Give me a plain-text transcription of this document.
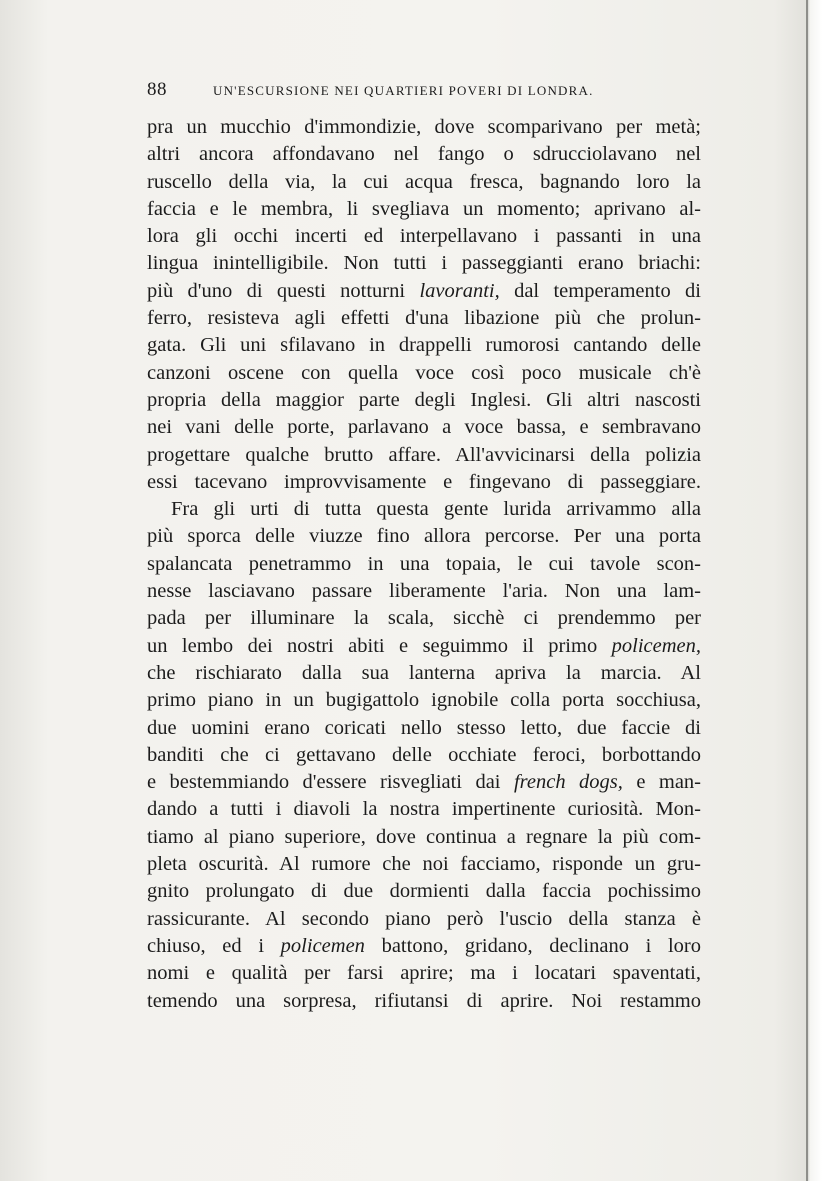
88	UN'ESCURSIONE NEI QUARTIERI POVERI DI LONDRA.
pra un mucchio d'immondizie, dove scomparivano per metà;
altri ancora affondavano nel fango o sdrucciolavano nel
ruscello della via, la cui acqua fresca, bagnando loro la
faccia e le membra, li svegliava un momento; aprivano al-
lora gli occhi incerti ed interpellavano i passanti in una
lingua inintelligibile. Non tutti i passeggianti erano briachi:
più d'uno di questi notturni lavoranti, dal temperamento di
ferro, resisteva agli effetti d'una libazione più che prolun-
gata. Gli uni sfilavano in drappelli rumorosi cantando delle
canzoni oscene con quella voce così poco musicale ch'è
propria della maggior parte degli Inglesi. Gli altri nascosti
nei vani delle porte, parlavano a voce bassa, e sembravano
progettare qualche brutto affare. All'avvicinarsi della polizia
essi tacevano improvvisamente e fingevano di passeggiare.
Fra gli urti di tutta questa gente lurida arrivammo alla
più sporca delle viuzze fino allora percorse. Per una porta
spalancata penetrammo in una topaia, le cui tavole scon-
nesse lasciavano passare liberamente l'aria. Non una lam-
pada per illuminare la scala, sicchè ci prendemmo per
un lembo dei nostri abiti e seguimmo il primo policemen,
che rischiarato dalla sua lanterna apriva la marcia. Al
primo piano in un bugigattolo ignobile colla porta socchiusa,
due uomini erano coricati nello stesso letto, due faccie di
banditi che ci gettavano delle occhiate feroci, borbottando
e bestemmiando d'essere risvegliati dai french dogs, e man-
dando a tutti i diavoli la nostra impertinente curiosità. Mon-
tiamo al piano superiore, dove continua a regnare la più com-
pleta oscurità. Al rumore che noi facciamo, risponde un gru-
gnito prolungato di due dormienti dalla faccia pochissimo
rassicurante. Al secondo piano però l'uscio della stanza è
chiuso, ed i policemen battono, gridano, declinano i loro
nomi e qualità per farsi aprire; ma i locatari spaventati,
temendo una sorpresa, rifiutansi di aprire. Noi restammo
